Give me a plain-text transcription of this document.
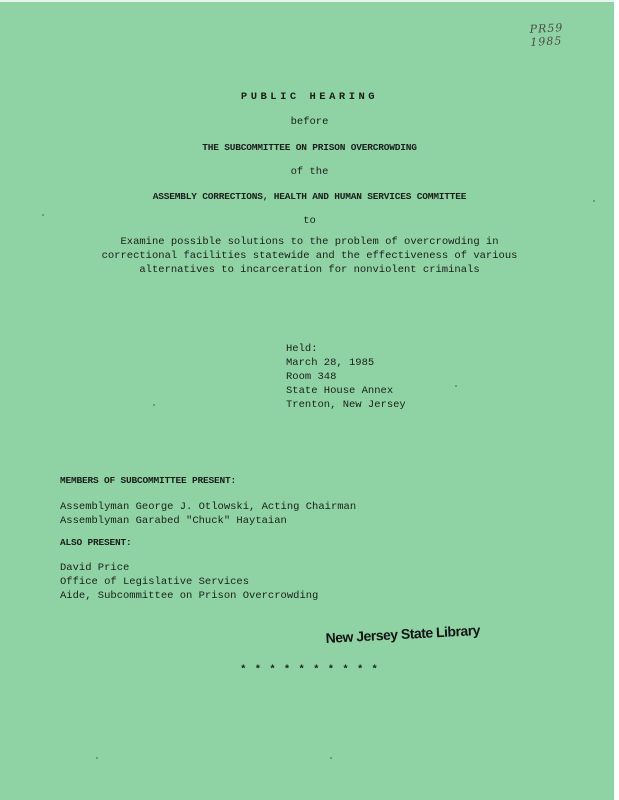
PR59
1985
PUBLIC HEARING
before
THE SUBCOMMITTEE ON PRISON OVERCROWDING
of the
ASSEMBLY CORRECTIONS, HEALTH AND HUMAN SERVICES COMMITTEE
to
Examine possible solutions to the problem of overcrowding in
correctional facilities statewide and the effectiveness of various
alternatives to incarceration for nonviolent criminals
Held:
March 28, 1985
Room 348
State House Annex
Trenton, New Jersey
MEMBERS OF SUBCOMMITTEE PRESENT:
Assemblyman George J. Otlowski, Acting Chairman
Assemblyman Garabed "Chuck" Haytaian
ALSO PRESENT:
David Price
Office of Legislative Services
Aide, Subcommittee on Prison Overcrowding
New Jersey State Library
* * * * * * * * * *
